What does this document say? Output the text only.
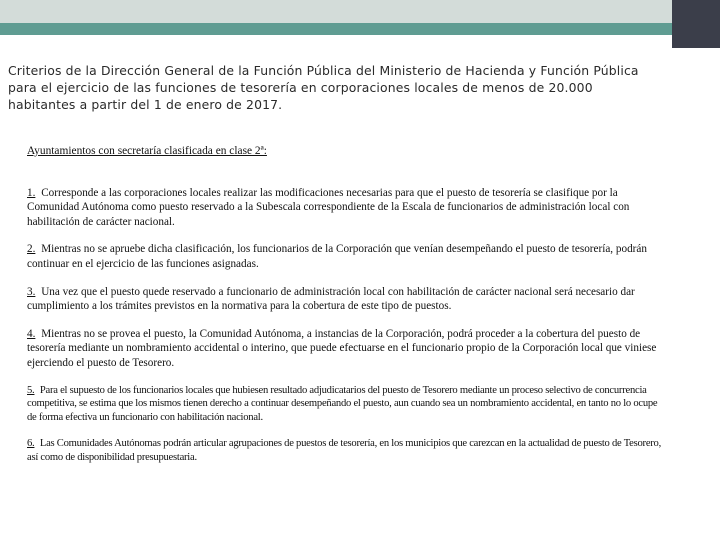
Criterios de la Dirección General de la Función Pública del Ministerio de Hacienda y Función Pública para el ejercicio de las funciones de tesorería en corporaciones locales de menos de 20.000 habitantes a partir del 1 de enero de 2017.
Ayuntamientos con secretaría clasificada en clase 2ª:
1. Corresponde a las corporaciones locales realizar las modificaciones necesarias para que el puesto de tesorería se clasifique por la Comunidad Autónoma como puesto reservado a la Subescala correspondiente de la Escala de funcionarios de administración local con habilitación de carácter nacional.
2. Mientras no se apruebe dicha clasificación, los funcionarios de la Corporación que venían desempeñando el puesto de tesorería, podrán continuar en el ejercicio de las funciones asignadas.
3. Una vez que el puesto quede reservado a funcionario de administración local con habilitación de carácter nacional será necesario dar cumplimiento a los trámites previstos en la normativa para la cobertura de este tipo de puestos.
4. Mientras no se provea el puesto, la Comunidad Autónoma, a instancias de la Corporación, podrá proceder a la cobertura del puesto de tesorería mediante un nombramiento accidental o interino, que puede efectuarse en el funcionario propio de la Corporación local que viniese ejerciendo el puesto de Tesorero.
5. Para el supuesto de los funcionarios locales que hubiesen resultado adjudicatarios del puesto de Tesorero mediante un proceso selectivo de concurrencia competitiva, se estima que los mismos tienen derecho a continuar desempeñando el puesto, aun cuando sea un nombramiento accidental, en tanto no lo ocupe de forma efectiva un funcionario con habilitación nacional.
6. Las Comunidades Autónomas podrán articular agrupaciones de puestos de tesorería, en los municipios que carezcan en la actualidad de puesto de Tesorero, así como de disponibilidad presupuestaria.
